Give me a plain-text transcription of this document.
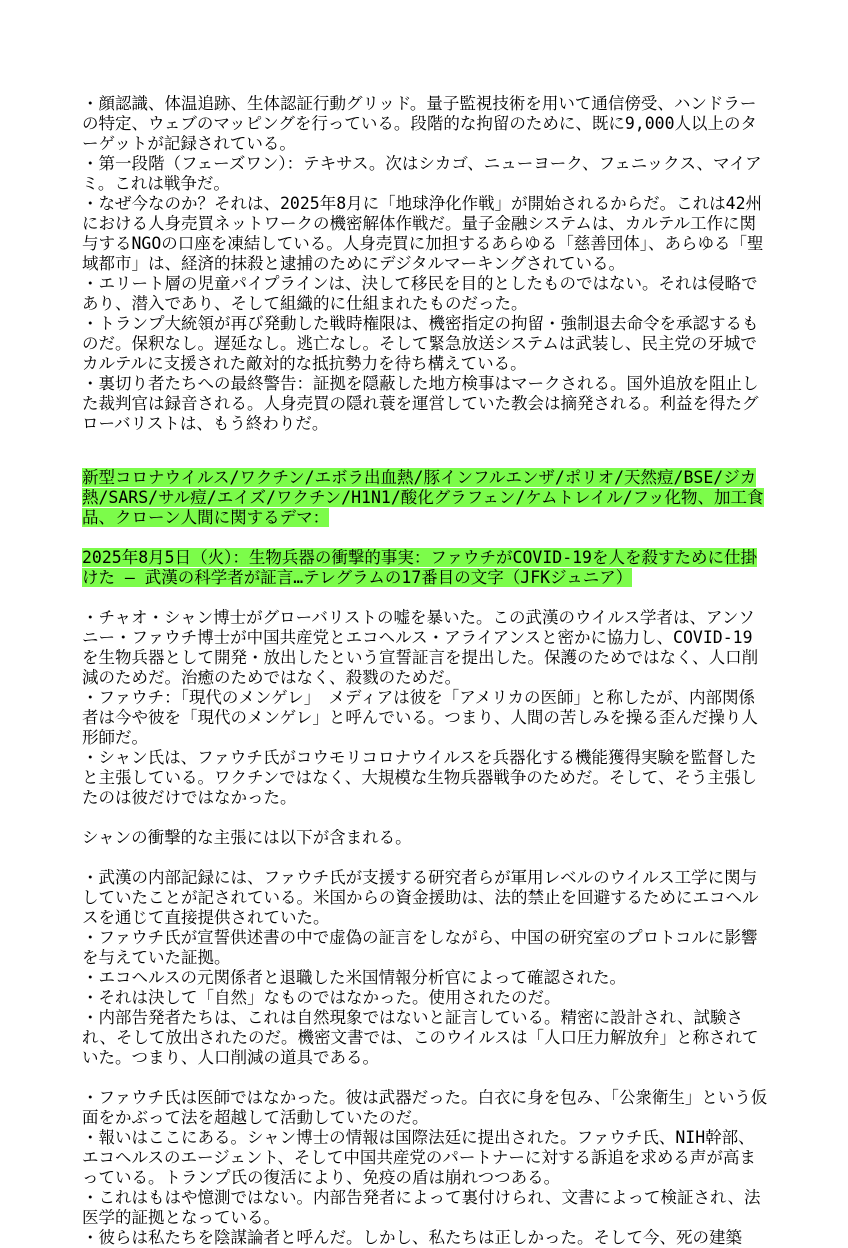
・顔認識、体温追跡、生体認証行動グリッド。量子監視技術を用いて通信傍受、ハンドラーの特定、ウェブのマッピングを行っている。段階的な拘留のために、既に9,000人以上のターゲットが記録されている。

・第一段階（フェーズワン）：テキサス。次はシカゴ、ニューヨーク、フェニックス、マイアミ。これは戦争だ。

・なぜ今なのか？それは、2025年8月に「地球浄化作戦」が開始されるからだ。これは42州における人身売買ネットワークの機密解体作戦だ。量子金融システムは、カルテル工作に関与するNGOの口座を凍結している。人身売買に加担するあらゆる「慈善団体」、あらゆる「聖域都市」は、経済的抹殺と逮捕のためにデジタルマーキングされている。

・エリート層の児童パイプラインは、決して移民を目的としたものではない。それは侵略であり、潜入であり、そして組織的に仕組まれたものだった。

・トランプ大統領が再び発動した戦時権限は、機密指定の拘留・強制退去命令を承認するものだ。保釈なし。遅延なし。逃亡なし。そして緊急放送システムは武装し、民主党の牙城でカルテルに支援された敵対的な抵抗勢力を待ち構えている。

・裏切り者たちへの最終警告：証拠を隠蔽した地方検事はマークされる。国外追放を阻止した裁判官は録音される。人身売買の隠れ蓑を運営していた教会は摘発される。利益を得たグローバリストは、もう終わりだ。

新型コロナウイルス/ワクチン/エボラ出血熱/豚インフルエンザ/ポリオ/天然痘/BSE/ジカ熱/SARS/サル痘/エイズ/ワクチン/H1N1/酸化グラフェン/ケムトレイル/フッ化物、加工食品、クローン人間に関するデマ：

2025年8月5日（火）：生物兵器の衝撃的事実：ファウチがCOVID-19を人を殺すために仕掛けた ― 武漢の科学者が証言…テレグラムの17番目の文字（JFKジュニア）

・チャオ・シャン博士がグローバリストの嘘を暴いた。この武漢のウイルス学者は、アンソニー・ファウチ博士が中国共産党とエコヘルス・アライアンスと密かに協力し、COVID-19を生物兵器として開発・放出したという宣誓証言を提出した。保護のためではなく、人口削減のためだ。治癒のためではなく、殺戮のためだ。

・ファウチ：「現代のメンゲレ」　メディアは彼を「アメリカの医師」と称したが、内部関係者は今や彼を「現代のメンゲレ」と呼んでいる。つまり、人間の苦しみを操る歪んだ操り人形師だ。

・シャン氏は、ファウチ氏がコウモリコロナウイルスを兵器化する機能獲得実験を監督したと主張している。ワクチンではなく、大規模な生物兵器戦争のためだ。そして、そう主張したのは彼だけではなかった。

シャンの衝撃的な主張には以下が含まれる。

・武漢の内部記録には、ファウチ氏が支援する研究者らが軍用レベルのウイルス工学に関与していたことが記されている。米国からの資金援助は、法的禁止を回避するためにエコヘルスを通じて直接提供されていた。

・ファウチ氏が宣誓供述書の中で虚偽の証言をしながら、中国の研究室のプロトコルに影響を与えていた証拠。

・エコヘルスの元関係者と退職した米国情報分析官によって確認された。

・それは決して「自然」なものではなかった。使用されたのだ。

・内部告発者たちは、これは自然現象ではないと証言している。精密に設計され、試験され、そして放出されたのだ。機密文書では、このウイルスは「人口圧力解放弁」と称されていた。つまり、人口削減の道具である。

・ファウチ氏は医師ではなかった。彼は武器だった。白衣に身を包み、「公衆衛生」という仮面をかぶって法を超越して活動していたのだ。

・報いはここにある。シャン博士の情報は国際法廷に提出された。ファウチ氏、NIH幹部、エコヘルスのエージェント、そして中国共産党のパートナーに対する訴追を求める声が高まっている。トランプ氏の復活により、免疫の盾は崩れつつある。

・これはもはや憶測ではない。内部告発者によって裏付けられ、文書によって検証され、法医学的証拠となっている。

・彼らは私たちを陰謀論者と呼んだ。しかし、私たちは正しかった。そして今、死の建築
